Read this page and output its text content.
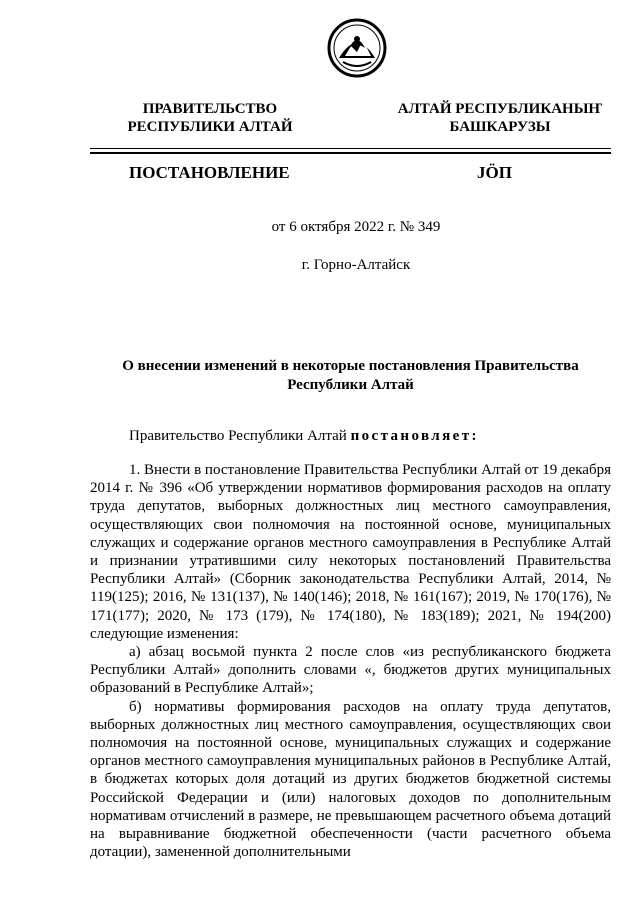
ПРАВИТЕЛЬСТВО
РЕСПУБЛИКИ АЛТАЙ
АЛТАЙ РЕСПУБЛИКАНЫҤ
БАШКАРУЗЫ
ПОСТАНОВЛЕНИЕ	JӦП
от 6 октября 2022 г. № 349
г. Горно-Алтайск
О внесении изменений в некоторые постановления Правительства Республики Алтай
Правительство Республики Алтай постановляет:

1. Внести в постановление Правительства Республики Алтай от 19 декабря 2014 г. № 396 «Об утверждении нормативов формирования расходов на оплату труда депутатов, выборных должностных лиц местного самоуправления, осуществляющих свои полномочия на постоянной основе, муниципальных служащих и содержание органов местного самоуправления в Республике Алтай и признании утратившими силу некоторых постановлений Правительства Республики Алтай» (Сборник законодательства Республики Алтай, 2014, № 119(125); 2016, № 131(137), № 140(146); 2018, № 161(167); 2019, № 170(176), № 171(177); 2020, № 173 (179), № 174(180), № 183(189); 2021, № 194(200) следующие изменения:

а) абзац восьмой пункта 2 после слов «из республиканского бюджета Республики Алтай» дополнить словами «, бюджетов других муниципальных образований в Республике Алтай»;

б) нормативы формирования расходов на оплату труда депутатов, выборных должностных лиц местного самоуправления, осуществляющих свои полномочия на постоянной основе, муниципальных служащих и содержание органов местного самоуправления муниципальных районов в Республике Алтай, в бюджетах которых доля дотаций из других бюджетов бюджетной системы Российской Федерации и (или) налоговых доходов по дополнительным нормативам отчислений в размере, не превышающем расчетного объема дотаций на выравнивание бюджетной обеспеченности (части расчетного объема дотации), замененной дополнительными
